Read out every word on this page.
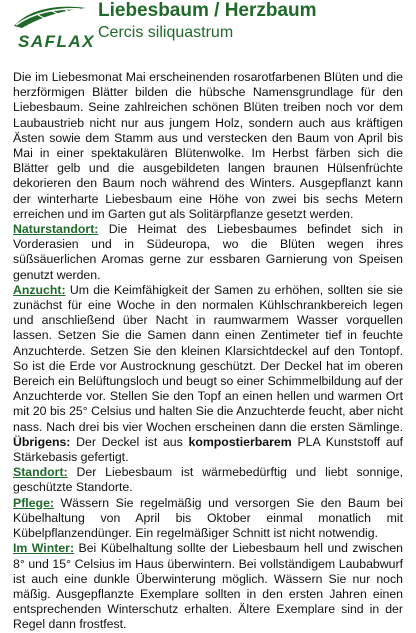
SAFLAX
Liebesbaum / Herzbaum
Cercis siliquastrum

Die im Liebesmonat Mai erscheinenden rosarotfarbenen Blüten und die herzförmigen Blätter bilden die hübsche Namensgrundlage für den Liebesbaum. Seine zahlreichen schönen Blüten treiben noch vor dem Laubaustrieb nicht nur aus jungem Holz, sondern auch aus kräftigen Ästen sowie dem Stamm aus und verstecken den Baum von April bis Mai in einer spektakulären Blütenwolke. Im Herbst färben sich die Blätter gelb und die ausgebildeten langen braunen Hülsenfrüchte dekorieren den Baum noch während des Winters. Ausgepflanzt kann der winterharte Liebesbaum eine Höhe von zwei bis sechs Metern erreichen und im Garten gut als Solitärpflanze gesetzt werden.

Naturstandort: Die Heimat des Liebesbaumes befindet sich in Vorderasien und in Südeuropa, wo die Blüten wegen ihres süßsäuerlichen Aromas gerne zur essbaren Garnierung von Speisen genutzt werden.

Anzucht: Um die Keimfähigkeit der Samen zu erhöhen, sollten sie sie zunächst für eine Woche in den normalen Kühlschrankbereich legen und anschließend über Nacht in raumwarmem Wasser vorquellen lassen. Setzen Sie die Samen dann einen Zentimeter tief in feuchte Anzuchterde. Setzen Sie den kleinen Klarsichtdeckel auf den Tontopf. So ist die Erde vor Austrocknung geschützt. Der Deckel hat im oberen Bereich ein Belüftungsloch und beugt so einer Schimmelbildung auf der Anzuchterde vor. Stellen Sie den Topf an einen hellen und warmen Ort mit 20 bis 25° Celsius und halten Sie die Anzuchterde feucht, aber nicht nass. Nach drei bis vier Wochen erscheinen dann die ersten Sämlinge. Übrigens: Der Deckel ist aus kompostierbarem PLA Kunststoff auf Stärkebasis gefertigt.

Standort: Der Liebesbaum ist wärmebedürftig und liebt sonnige, geschützte Standorte.

Pflege: Wässern Sie regelmäßig und versorgen Sie den Baum bei Kübelhaltung von April bis Oktober einmal monatlich mit Kübelpflanzendünger. Ein regelmäßiger Schnitt ist nicht notwendig.

Im Winter: Bei Kübelhaltung sollte der Liebesbaum hell und zwischen 8° und 15° Celsius im Haus überwintern. Bei vollständigem Laubabwurf ist auch eine dunkle Überwinterung möglich. Wässern Sie nur noch mäßig. Ausgepflanzte Exemplare sollten in den ersten Jahren einen entsprechenden Winterschutz erhalten. Ältere Exemplare sind in der Regel dann frostfest.
